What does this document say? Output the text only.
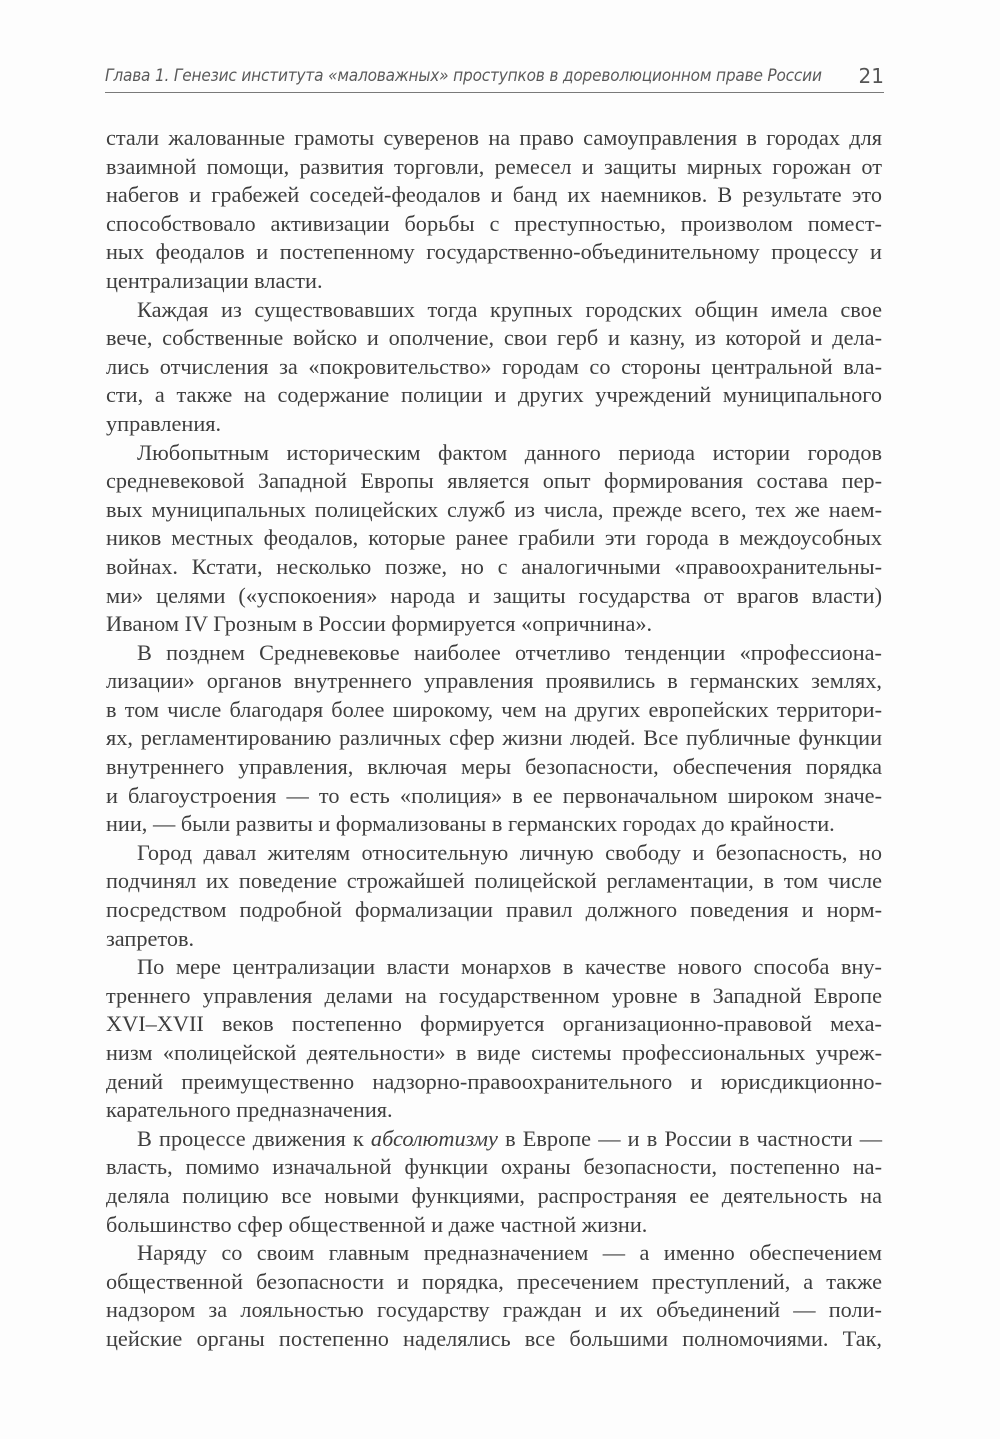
Глава 1. Генезис института «маловажных» проступков в дореволюционном праве России 21
стали жалованные грамоты суверенов на право самоуправления в городах для
взаимной помощи, развития торговли, ремесел и защиты мирных горожан от
набегов и грабежей соседей-феодалов и банд их наемников. В результате это
способствовало активизации борьбы с преступностью, произволом помест-
ных феодалов и постепенному государственно-объединительному процессу и
централизации власти.
Каждая из существовавших тогда крупных городских общин имела свое
вече, собственные войско и ополчение, свои герб и казну, из которой и дела-
лись отчисления за «покровительство» городам со стороны центральной вла-
сти, а также на содержание полиции и других учреждений муниципального
управления.
Любопытным историческим фактом данного периода истории городов
средневековой Западной Европы является опыт формирования состава пер-
вых муниципальных полицейских служб из числа, прежде всего, тех же наем-
ников местных феодалов, которые ранее грабили эти города в междоусобных
войнах. Кстати, несколько позже, но с аналогичными «правоохранительны-
ми» целями («успокоения» народа и защиты государства от врагов власти)
Иваном IV Грозным в России формируется «опричнина».
В позднем Средневековье наиболее отчетливо тенденции «профессиона-
лизации» органов внутреннего управления проявились в германских землях,
в том числе благодаря более широкому, чем на других европейских территори-
ях, регламентированию различных сфер жизни людей. Все публичные функции
внутреннего управления, включая меры безопасности, обеспечения порядка
и благоустроения — то есть «полиция» в ее первоначальном широком значе-
нии, — были развиты и формализованы в германских городах до крайности.
Город давал жителям относительную личную свободу и безопасность, но
подчинял их поведение строжайшей полицейской регламентации, в том числе
посредством подробной формализации правил должного поведения и норм-
запретов.
По мере централизации власти монархов в качестве нового способа вну-
треннего управления делами на государственном уровне в Западной Европе
XVI–XVII веков постепенно формируется организационно-правовой меха-
низм «полицейской деятельности» в виде системы профессиональных учреж-
дений преимущественно надзорно-правоохранительного и юрисдикционно-
карательного предназначения.
В процессе движения к абсолютизму в Европе — и в России в частности —
власть, помимо изначальной функции охраны безопасности, постепенно на-
деляла полицию все новыми функциями, распространяя ее деятельность на
большинство сфер общественной и даже частной жизни.
Наряду со своим главным предназначением — а именно обеспечением
общественной безопасности и порядка, пресечением преступлений, а также
надзором за лояльностью государству граждан и их объединений — поли-
цейские органы постепенно наделялись все большими полномочиями. Так,
